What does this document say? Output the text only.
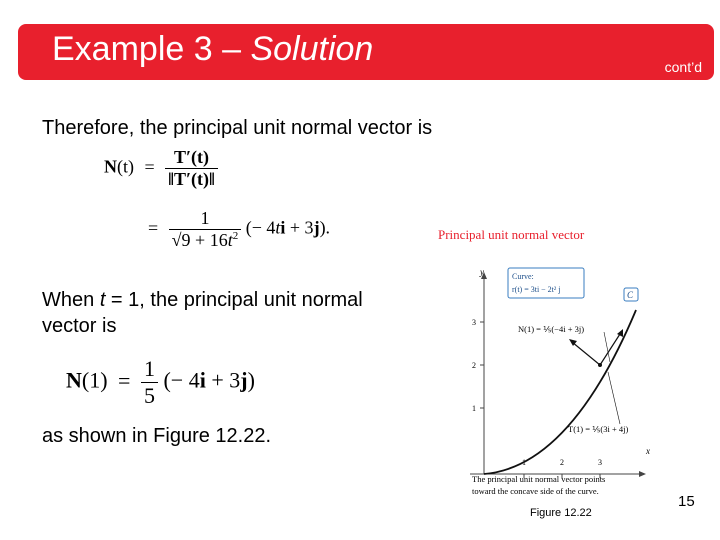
Example 3 – Solution	cont’d
Therefore, the principal unit normal vector is
$N(t) = \frac{T'(t)}{‖T'(t)‖}$
= $\frac{1}{√9 + 16t^2}$ (− 4ti + 3j).	Principal unit normal vector
When t = 1, the principal unit normal
vector is
$N(1) = \frac{1}{5}$ (− 4i + 3j)
as shown in Figure 12.22.
y
x
1
2
3
1	2	3
Curve:
r(t) = 3ti − 2t² j
C
N(1) = ⅕(−4i + 3j)
T(1) = ⅕(3i + 4j)
The principal unit normal vector points
toward the concave side of the curve.
Figure 12.22
15
